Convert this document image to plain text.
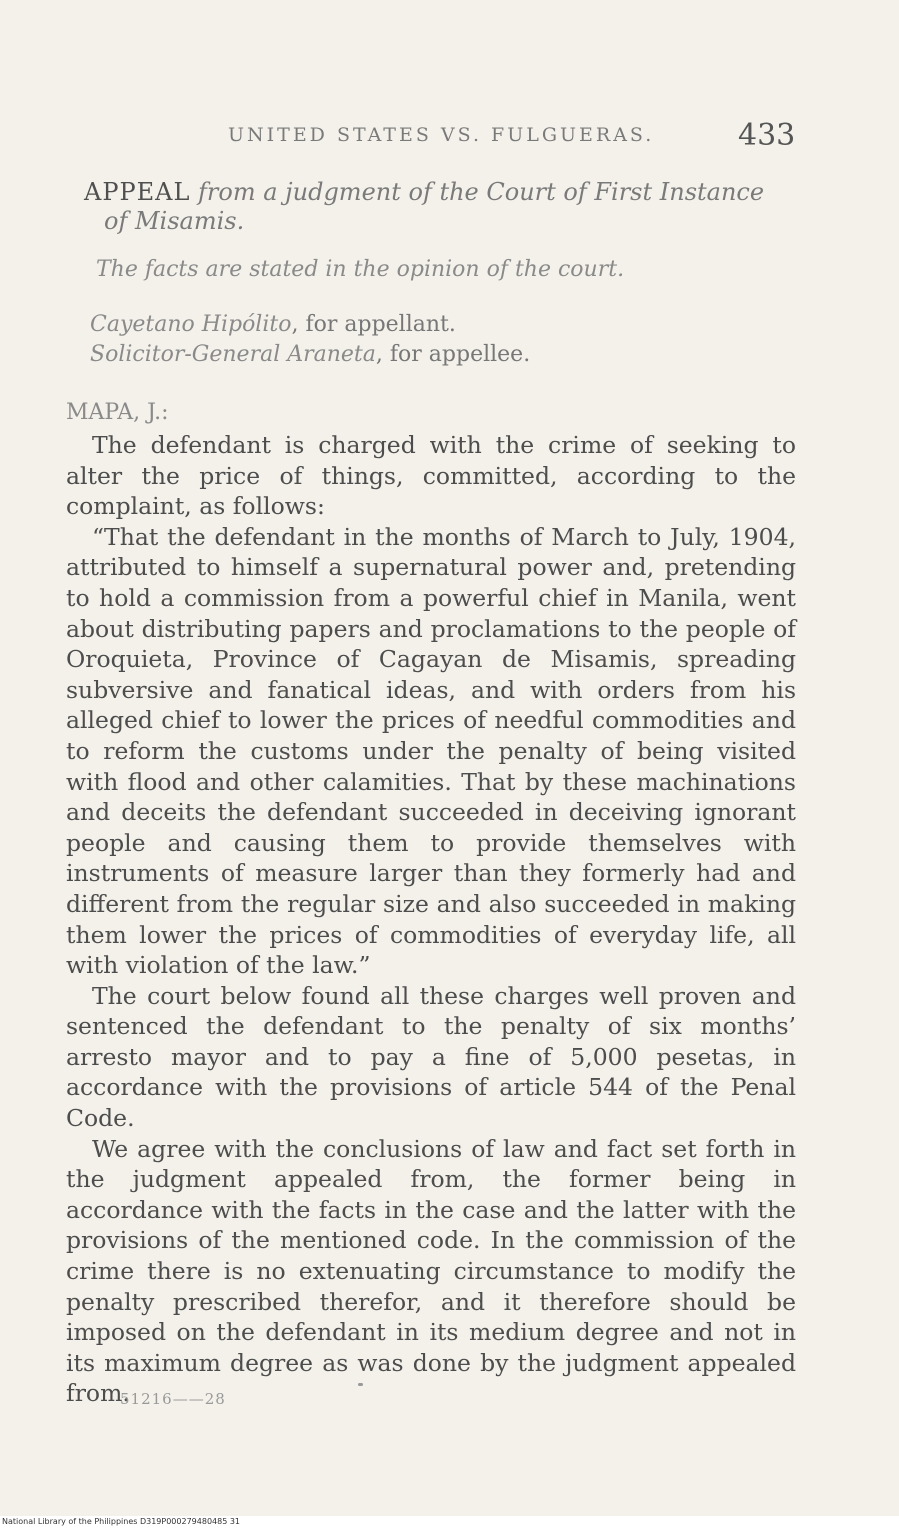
UNITED STATES VS. FULGUERAS.	433

APPEAL from a judgment of the Court of First Instance of Misamis.

The facts are stated in the opinion of the court.

Cayetano Hipólito, for appellant.

Solicitor-General Araneta, for appellee.

MAPA, J.:

The defendant is charged with the crime of seeking to alter the price of things, committed, according to the complaint, as follows:

“That the defendant in the months of March to July, 1904, attributed to himself a supernatural power and, pretending to hold a commission from a powerful chief in Manila, went about distributing papers and proclamations to the people of Oroquieta, Province of Cagayan de Misamis, spreading subversive and fanatical ideas, and with orders from his alleged chief to lower the prices of needful commodities and to reform the customs under the penalty of being visited with flood and other calamities. That by these machinations and deceits the defendant succeeded in deceiving ignorant people and causing them to provide themselves with instruments of measure larger than they formerly had and different from the regular size and also succeeded in making them lower the prices of commodities of everyday life, all with violation of the law.”

The court below found all these charges well proven and sentenced the defendant to the penalty of six months’ arresto mayor and to pay a fine of 5,000 pesetas, in accordance with the provisions of article 544 of the Penal Code.

We agree with the conclusions of law and fact set forth in the judgment appealed from, the former being in accordance with the facts in the case and the latter with the provisions of the mentioned code. In the commission of the crime there is no extenuating circumstance to modify the penalty prescribed therefor, and it therefore should be imposed on the defendant in its medium degree and not in its maximum degree as was done by the judgment appealed from.

51216——28
National Library of the Philippines D319P000279480485 31
